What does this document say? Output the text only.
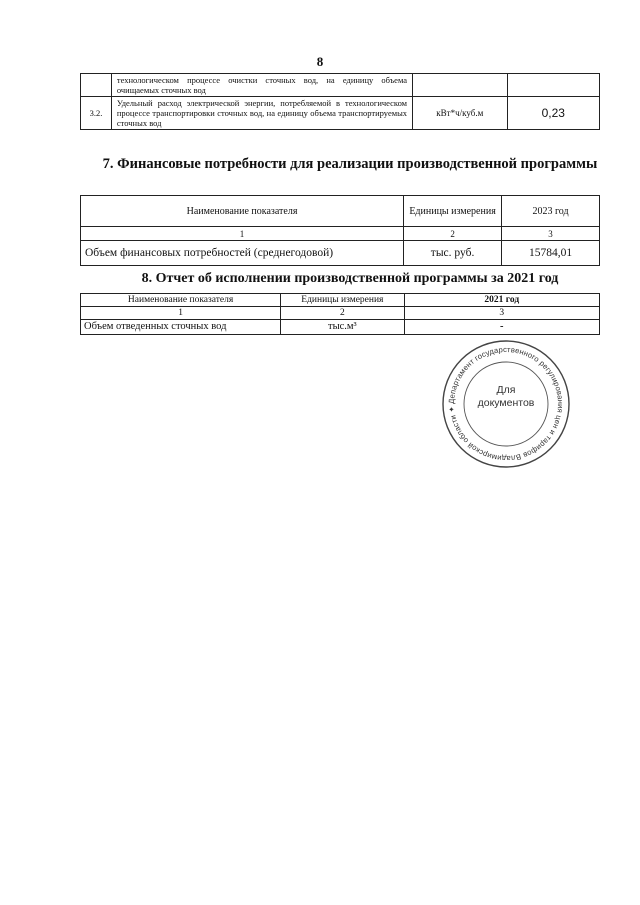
8
	технологическом процессе очистки сточных вод, на единицу объема очищаемых сточных вод		
3.2.	Удельный расход электрической энергии, потребляемой в технологическом процессе транспортировки сточных вод, на единицу объема транспортируемых сточных вод	кВт*ч/куб.м	0,23
7. Финансовые потребности для реализации производственной программы
Наименование показателя	Единицы измерения	2023 год
1	2	3
Объем финансовых потребностей (среднегодовой)	тыс. руб.	15784,01
8. Отчет об исполнении производственной программы за 2021 год
Наименование показателя	Единицы измерения	2021 год
1	2	3
Объем отведенных сточных вод	тыс.м³	-
Департамент государственного регулирования цен и тарифов Владимирской области ✦
Для
документов
